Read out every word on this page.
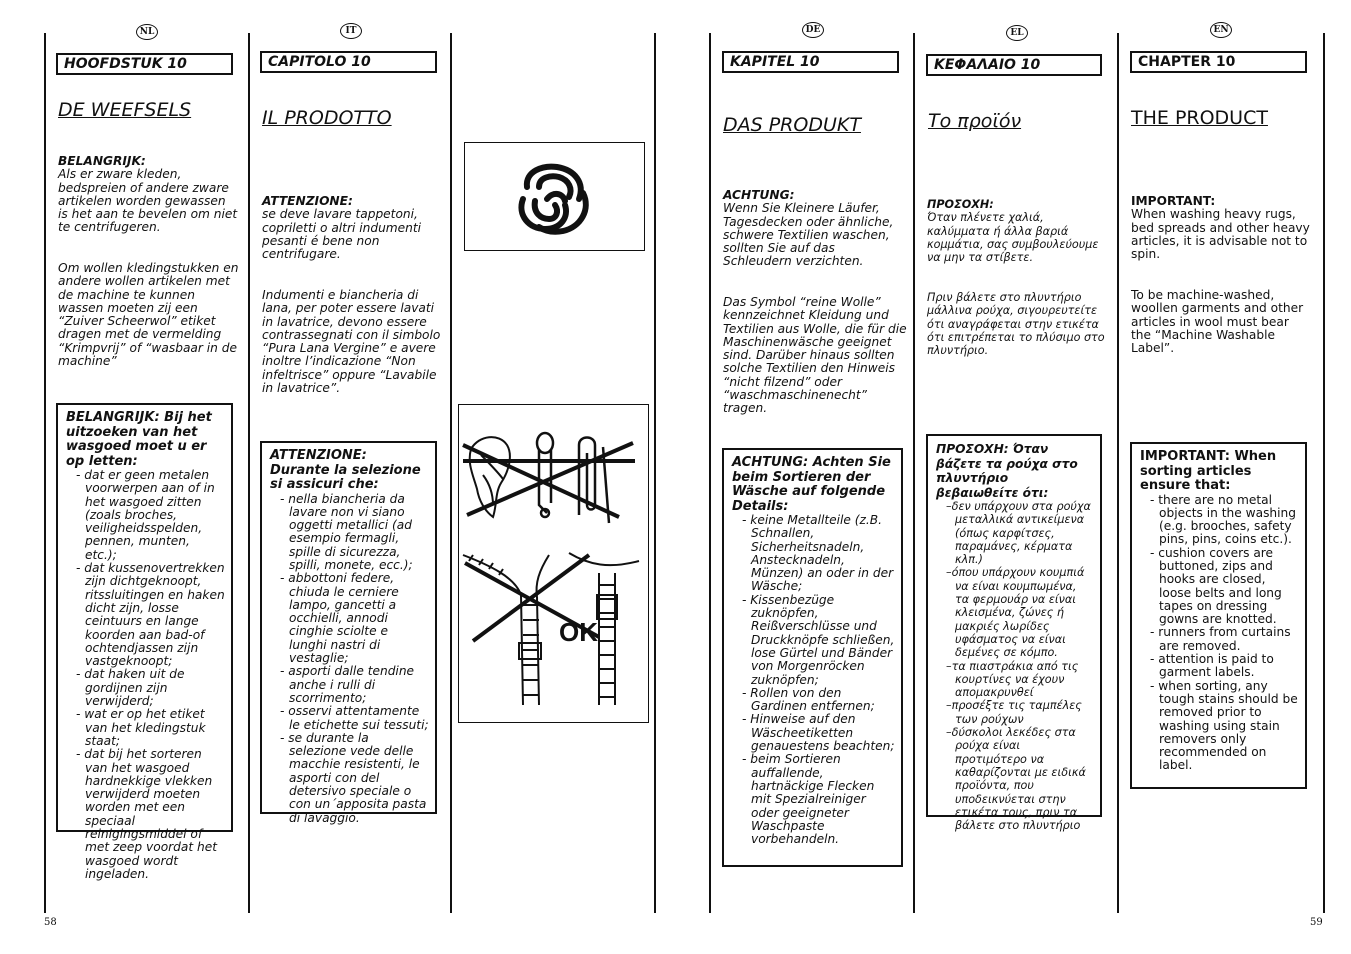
NL	IT	DE	EL	EN
HOOFDSTUK 10
DE WEEFSELS
BELANGRIJK:
Als er zware kleden, bedspreien of andere zware artikelen worden gewassen is het aan te bevelen om niet te centrifugeren.
Om wollen kledingstukken en andere wollen artikelen met de machine te kunnen wassen moeten zij een “Zuiver Scheerwol” etiket dragen met de vermelding “Krimpvrij” of “wasbaar in de machine”
BELANGRIJK: Bij het uitzoeken van het wasgoed moet u er op letten:
- dat er geen metalen voorwerpen aan of in het wasgoed zitten (zoals broches, veiligheidsspelden, pennen, munten, etc.);
- dat kussenovertrekken zijn dichtgeknoopt, ritssluitingen en haken dicht zijn, losse ceintuurs en lange koorden aan bad-of ochtendjassen zijn vastgeknoopt;
- dat haken uit de gordijnen zijn verwijderd;
- wat er op het etiket van het kledingstuk staat;
- dat bij het sorteren van het wasgoed hardnekkige vlekken verwijderd moeten worden met een speciaal reinigingsmiddel of met zeep voordat het wasgoed wordt ingeladen.
CAPITOLO 10
IL PRODOTTO
ATTENZIONE:
se deve lavare tappetoni, copriletti o altri indumenti pesanti é bene non centrifugare.
Indumenti e biancheria di lana, per poter essere lavati in lavatrice, devono essere contrassegnati con il simbolo “Pura Lana Vergine” e avere inoltre l’indicazione “Non infeltrisce” oppure “Lavabile in lavatrice”.
ATTENZIONE: Durante la selezione si assicuri che:
- nella biancheria da lavare non vi siano oggetti metallici (ad esempio fermagli, spille di sicurezza, spilli, monete, ecc.);
- abbottoni federe, chiuda le cerniere lampo, gancetti a occhielli, annodi cinghie sciolte e lunghi nastri di vestaglie;
- asporti dalle tendine anche i rulli di scorrimento;
- osservi attentamente le etichette sui tessuti;
- se durante la selezione vede delle macchie resistenti, le asporti con del detersivo speciale o con un´apposita pasta di lavaggio.
OK
KAPITEL 10
DAS PRODUKT
ACHTUNG:
Wenn Sie Kleinere Läufer, Tagesdecken oder ähnliche, schwere Textilien waschen, sollten Sie auf das Schleudern verzichten.
Das Symbol “reine Wolle” kennzeichnet Kleidung und Textilien aus Wolle, die für die Maschinenwäsche geeignet sind. Darüber hinaus sollten solche Textilien den Hinweis “nicht filzend” oder “waschmaschinenecht” tragen.
ACHTUNG: Achten Sie beim Sortieren der Wäsche auf folgende Details:
- keine Metallteile (z.B. Schnallen, Sicherheitsnadeln, Anstecknadeln, Münzen) an oder in der Wäsche;
- Kissenbezüge zuknöpfen, Reißverschlüsse und Druckknöpfe schließen, lose Gürtel und Bänder von Morgenröcken zuknöpfen;
- Rollen von den Gardinen entfernen;
- Hinweise auf den Wäscheetiketten genauestens beachten;
- beim Sortieren auffallende, hartnäckige Flecken mit Spezialreiniger oder geeigneter Waschpaste vorbehandeln.
ΚΕΦΑΛΑΙΟ 10
Το προϊόν
ΠΡΟΣΟΧΗ:
Όταν πλένετε χαλιά, καλύμματα ή άλλα βαριά κομμάτια, σας συμβουλεύουμε να μην τα στίβετε.
Πριν βάλετε στο πλυντήριο μάλλινα ρούχα, σιγουρευτείτε ότι αναγράφεται στην ετικέτα ότι επιτρέπεται το πλύσιμο στο πλυντήριο.
ΠΡΟΣΟΧΗ: Όταν βάζετε τα ρούχα στο πλυντήριο βεβαιωθείτε ότι:
– δεν υπάρχουν στα ρούχα μεταλλικά αντικείμενα (όπως καρφίτσες, παραμάνες, κέρματα κλπ.)
– όπου υπάρχουν κουμπιά να είναι κουμπωμένα, τα φερμουάρ να είναι κλεισμένα, ζώνες ή μακριές λωρίδες υφάσματος να είναι δεμένες σε κόμπο.
– τα πιαστράκια από τις κουρτίνες να έχουν απομακρυνθεί
– προσέξτε τις ταμπέλες των ρούχων
– δύσκολοι λεκέδες στα ρούχα είναι προτιμότερο να καθαρίζονται με ειδικά προϊόντα, που υποδεικνύεται στην ετικέτα τους, πριν τα βάλετε στο πλυντήριο
CHAPTER 10
THE PRODUCT
IMPORTANT:
When washing heavy rugs, bed spreads and other heavy articles, it is advisable not to spin.
To be machine-washed, woollen garments and other articles in wool must bear the “Machine Washable Label”.
IMPORTANT: When sorting articles ensure that:
- there are no metal objects in the washing (e.g. brooches, safety pins, pins, coins etc.).
- cushion covers are buttoned, zips and hooks are closed, loose belts and long tapes on dressing gowns are knotted.
- runners from curtains are removed.
- attention is paid to garment labels.
- when sorting, any tough stains should be removed prior to washing using stain removers only recommended on label.
58	59
